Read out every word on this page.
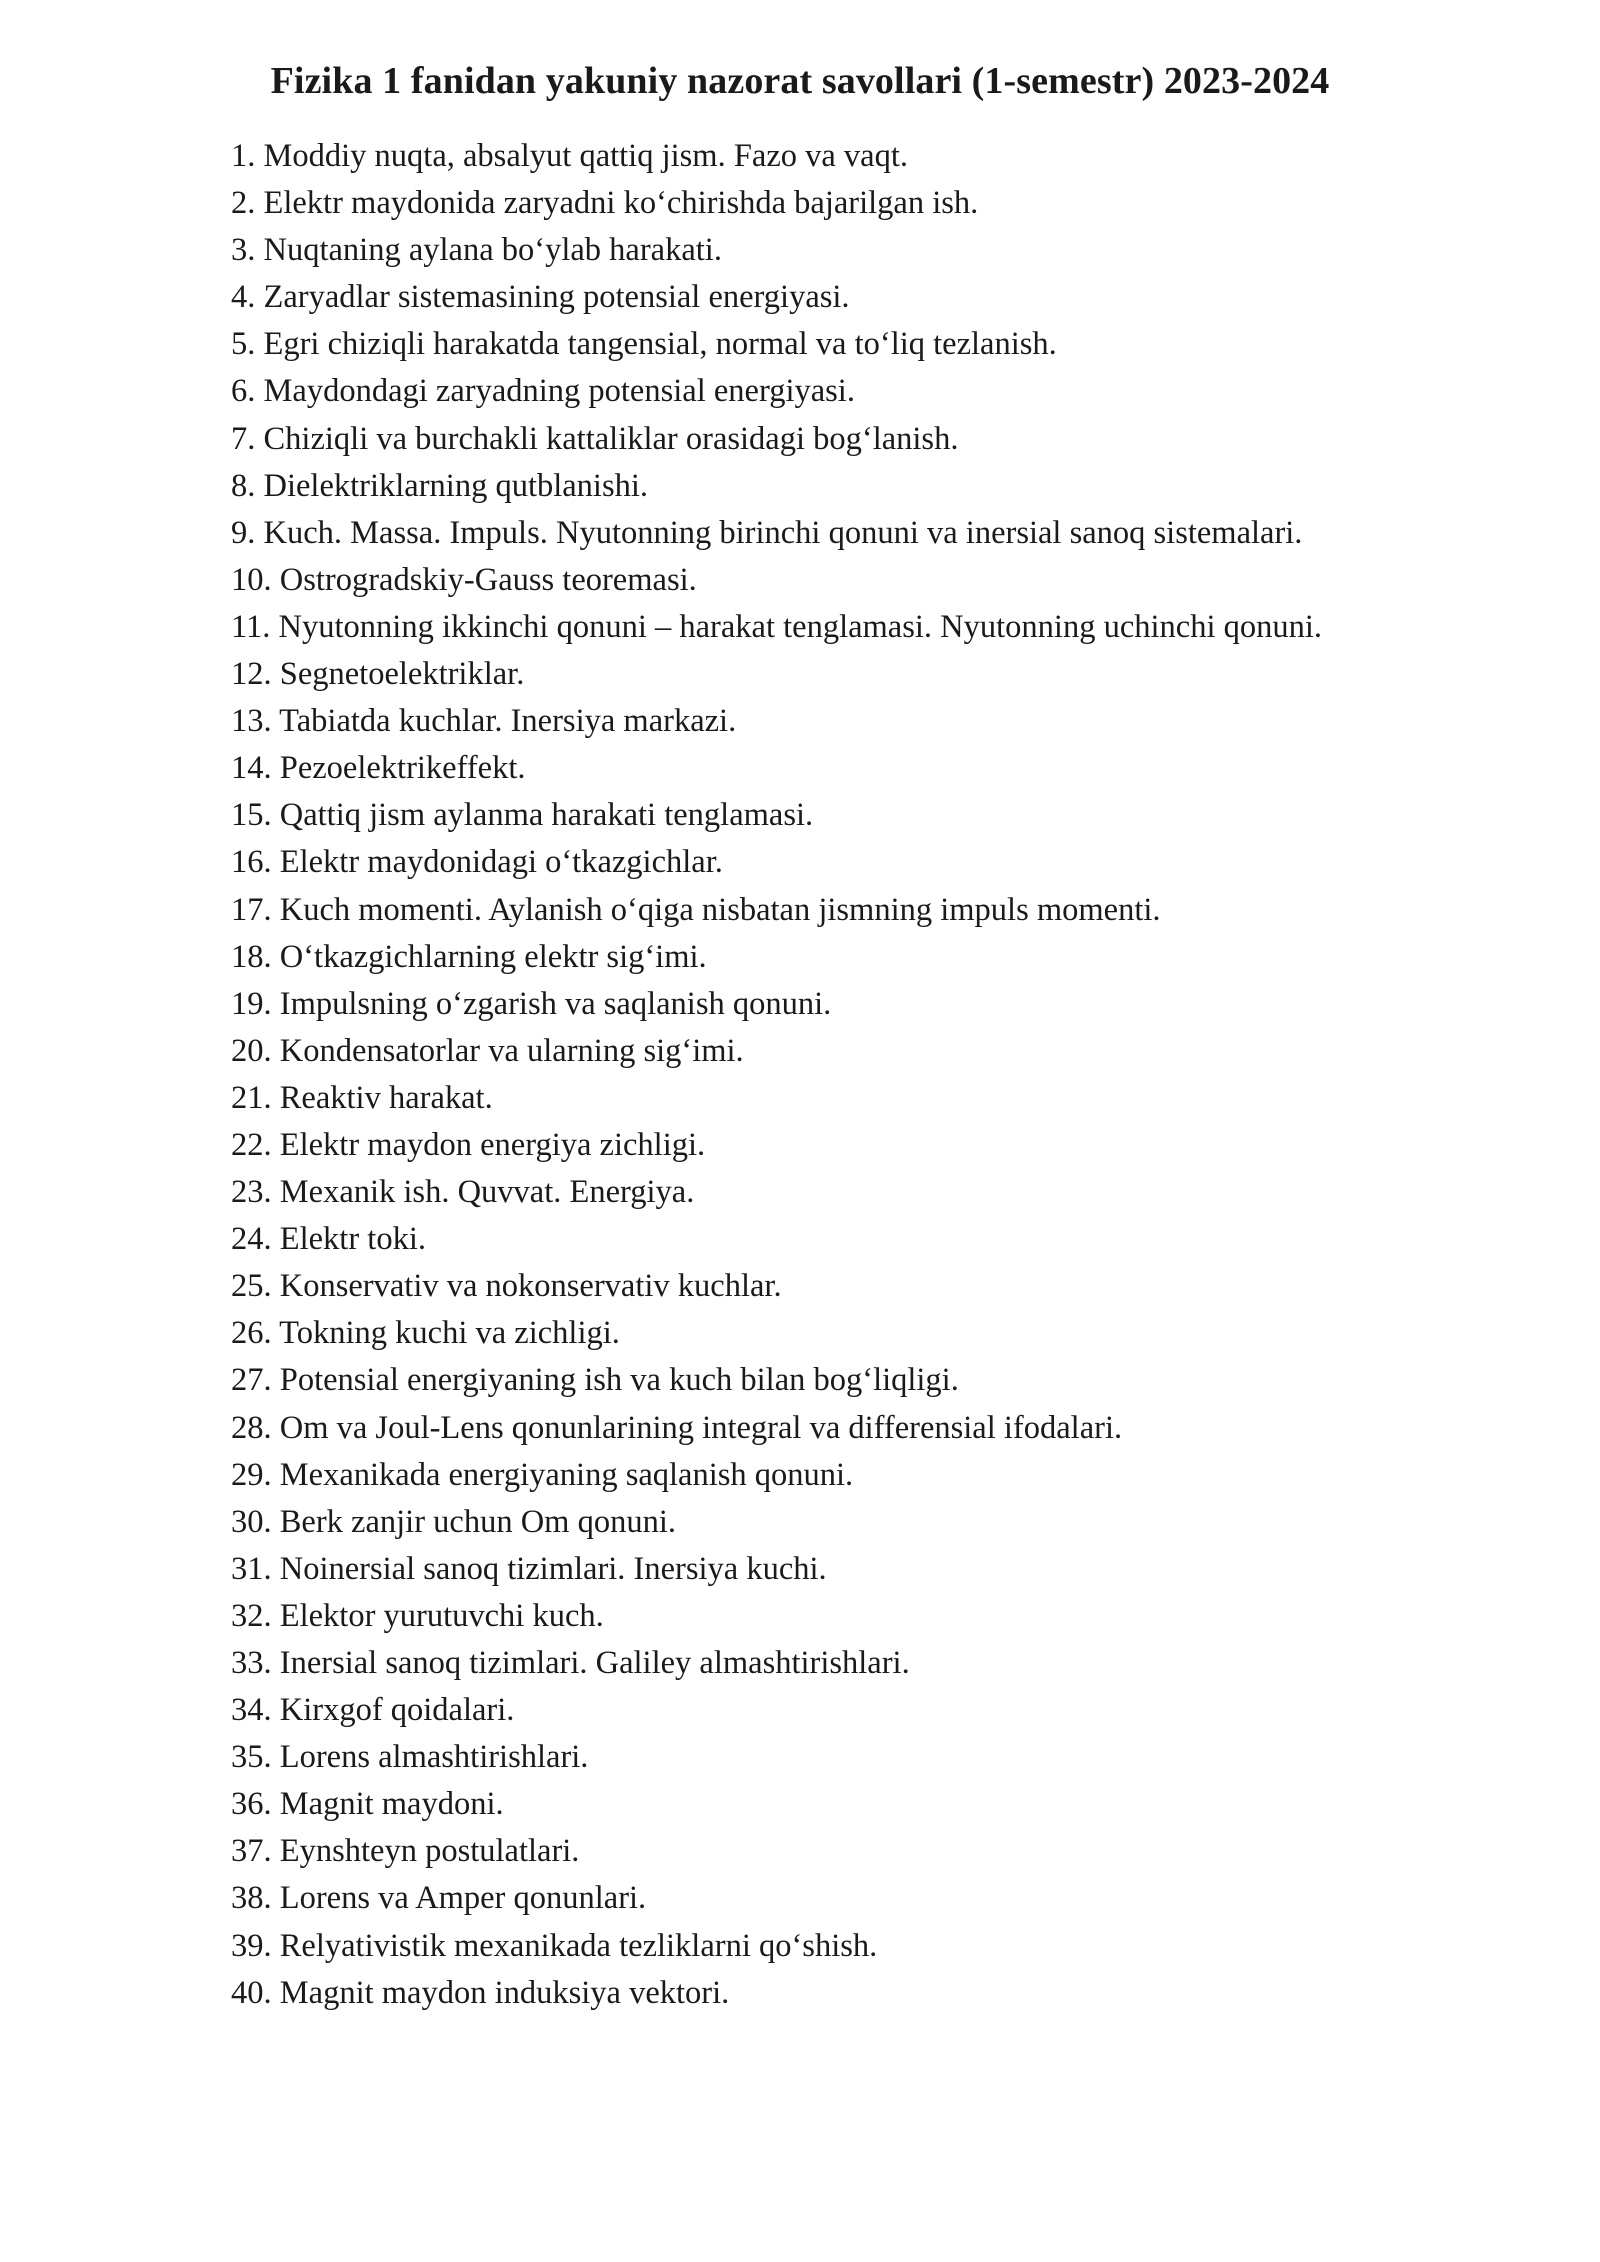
Fizika 1 fanidan yakuniy nazorat savollari (1-semestr) 2023-2024
1. Moddiy nuqta, absalyut qattiq jism. Fazo va vaqt.
2. Elektr maydonida zaryadni ko‘chirishda bajarilgan ish.
3. Nuqtaning aylana bo‘ylab harakati.
4. Zaryadlar sistemasining potensial energiyasi.
5. Egri chiziqli harakatda tangensial, normal va to‘liq tezlanish.
6. Maydondagi zaryadning potensial energiyasi.
7. Chiziqli va burchakli kattaliklar orasidagi bog‘lanish.
8. Dielektriklarning qutblanishi.
9. Kuch. Massa. Impuls. Nyutonning birinchi qonuni va inersial sanoq sistemalari.
10. Ostrogradskiy-Gauss teoremasi.
11. Nyutonning ikkinchi qonuni – harakat tenglamasi. Nyutonning uchinchi qonuni.
12. Segnetoelektriklar.
13. Tabiatda kuchlar. Inersiya markazi.
14. Pezoelektrikeffekt.
15. Qattiq jism aylanma harakati tenglamasi.
16. Elektr maydonidagi o‘tkazgichlar.
17. Kuch momenti. Aylanish o‘qiga nisbatan jismning impuls momenti.
18. O‘tkazgichlarning elektr sig‘imi.
19. Impulsning o‘zgarish va saqlanish qonuni.
20. Kondensatorlar va ularning sig‘imi.
21. Reaktiv harakat.
22. Elektr maydon energiya zichligi.
23. Mexanik ish. Quvvat. Energiya.
24. Elektr toki.
25. Konservativ va nokonservativ kuchlar.
26. Tokning kuchi va zichligi.
27. Potensial energiyaning ish va kuch bilan bog‘liqligi.
28. Om va Joul-Lens qonunlarining integral va differensial ifodalari.
29. Mexanikada energiyaning saqlanish qonuni.
30. Berk zanjir uchun Om qonuni.
31. Noinersial sanoq tizimlari. Inersiya kuchi.
32. Elektor yurutuvchi kuch.
33. Inersial sanoq tizimlari. Galiley almashtirishlari.
34. Kirxgof qoidalari.
35. Lorens almashtirishlari.
36. Magnit maydoni.
37. Eynshteyn postulatlari.
38. Lorens va Amper qonunlari.
39. Relyativistik mexanikada tezliklarni qo‘shish.
40. Magnit maydon induksiya vektori.
